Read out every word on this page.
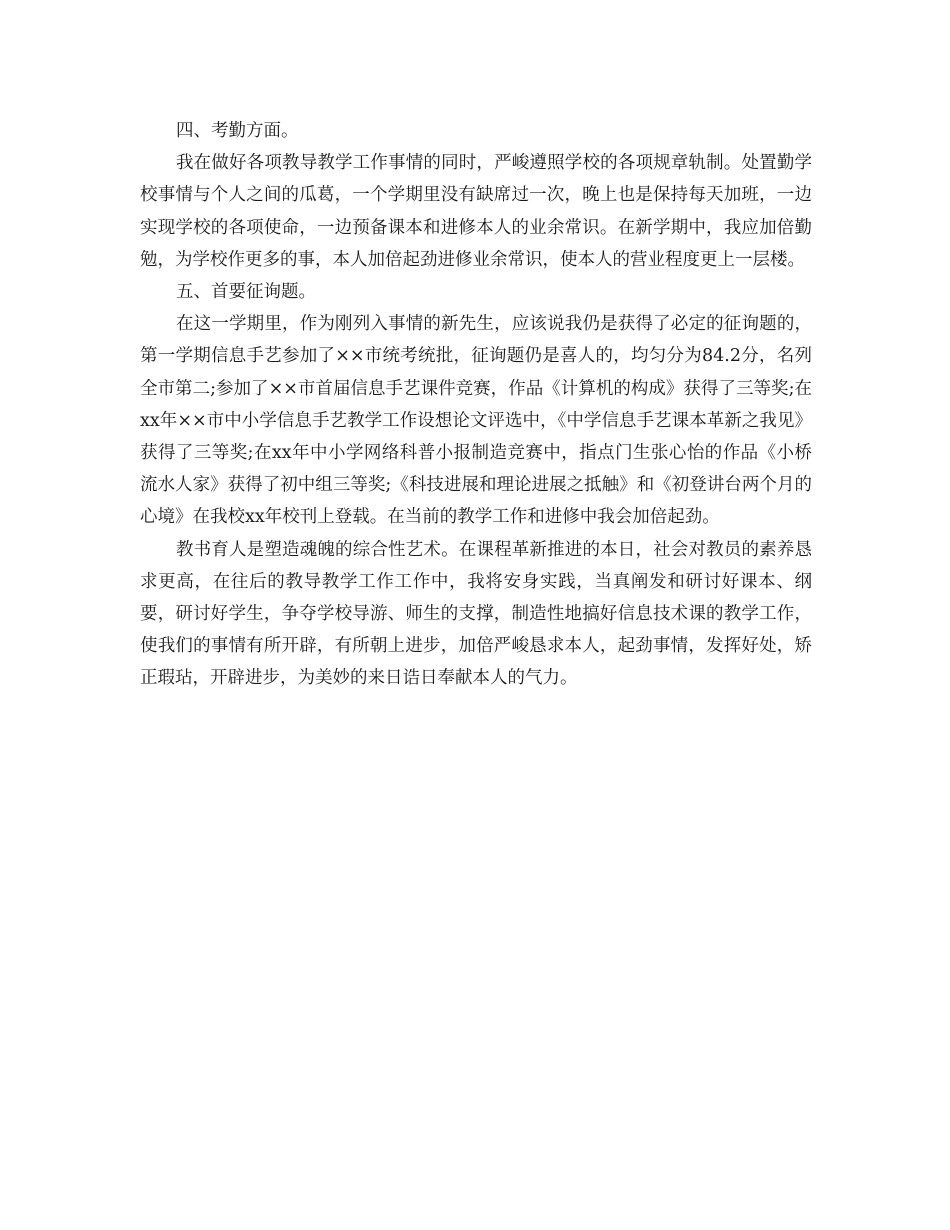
四、考勤方面。

我在做好各项教导教学工作事情的同时，严峻遵照学校的各项规章轨制。处置勤学校事情与个人之间的瓜葛，一个学期里没有缺席过一次，晚上也是保持每天加班，一边实现学校的各项使命，一边预备课本和进修本人的业余常识。在新学期中，我应加倍勤勉，为学校作更多的事，本人加倍起劲进修业余常识，使本人的营业程度更上一层楼。

五、首要征询题。

在这一学期里，作为刚列入事情的新先生，应该说我仍是获得了必定的征询题的，第一学期信息手艺参加了××市统考统批，征询题仍是喜人的，均匀分为84.2分，名列全市第二;参加了××市首届信息手艺课件竞赛，作品《计算机的构成》获得了三等奖;在xx年××市中小学信息手艺教学工作设想论文评选中，《中学信息手艺课本革新之我见》获得了三等奖;在xx年中小学网络科普小报制造竞赛中，指点门生张心怡的作品《小桥流水人家》获得了初中组三等奖;《科技进展和理论进展之抵触》和《初登讲台两个月的心境》在我校xx年校刊上登载。在当前的教学工作和进修中我会加倍起劲。

教书育人是塑造魂魄的综合性艺术。在课程革新推进的本日，社会对教员的素养恳求更高，在往后的教导教学工作工作中，我将安身实践，当真阐发和研讨好课本、纲要，研讨好学生，争夺学校导游、师生的支撑，制造性地搞好信息技术课的教学工作，使我们的事情有所开辟，有所朝上进步，加倍严峻恳求本人，起劲事情，发挥好处，矫正瑕玷，开辟进步，为美妙的来日诰日奉献本人的气力。
